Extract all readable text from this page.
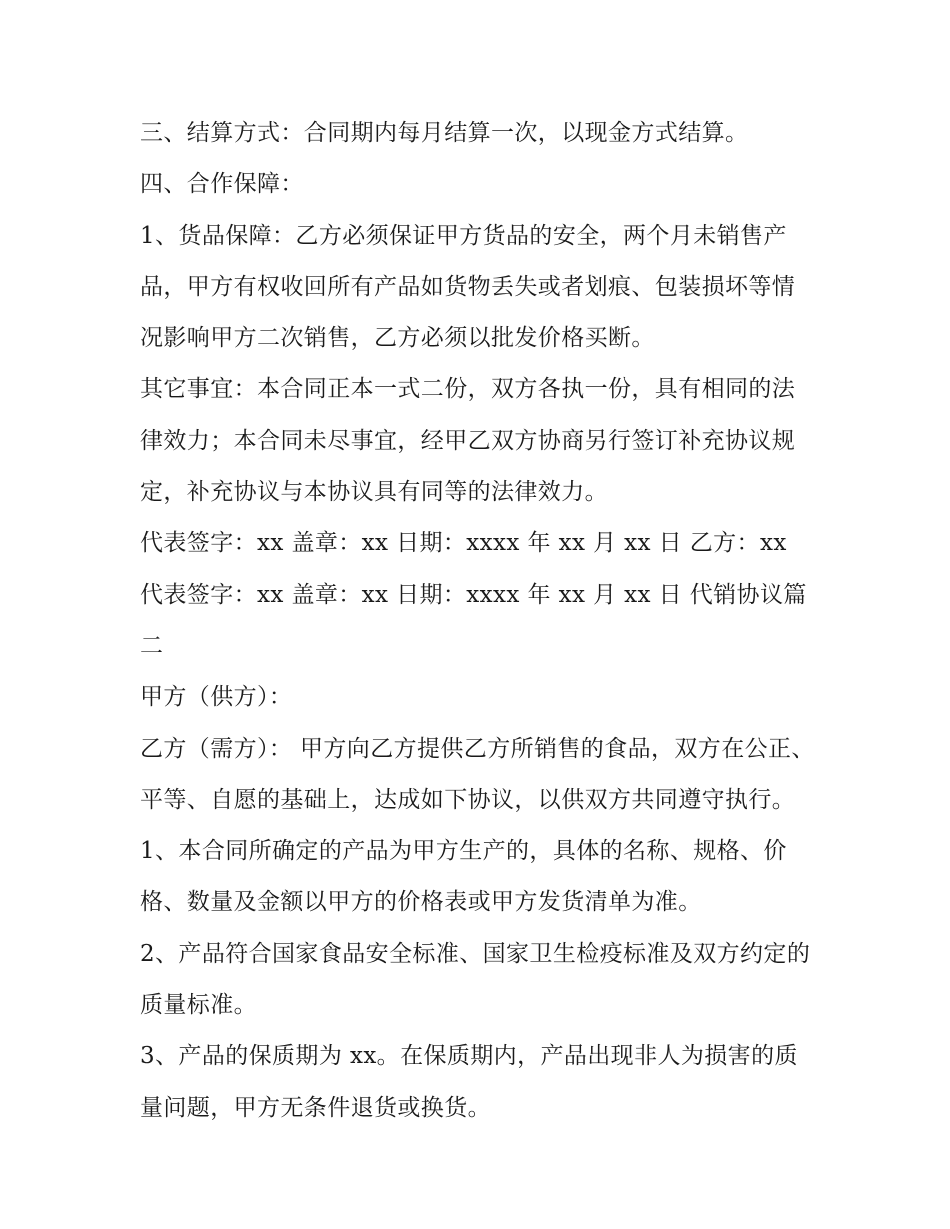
三、结算方式：合同期内每月结算一次，以现金方式结算。

四、合作保障：

1、货品保障：乙方必须保证甲方货品的安全，两个月未销售产品，甲方有权收回所有产品如货物丢失或者划痕、包装损坏等情况影响甲方二次销售，乙方必须以批发价格买断。

其它事宜：本合同正本一式二份，双方各执一份，具有相同的法律效力；本合同未尽事宜，经甲乙双方协商另行签订补充协议规定，补充协议与本协议具有同等的法律效力。

代表签字：xx 盖章：xx 日期：xxxx 年 xx 月 xx 日 乙方：xx 代表签字：xx 盖章：xx 日期：xxxx 年 xx 月 xx 日 代销协议篇二

甲方（供方）：

乙方（需方）： 甲方向乙方提供乙方所销售的食品，双方在公正、平等、自愿的基础上，达成如下协议，以供双方共同遵守执行。

1、本合同所确定的产品为甲方生产的，具体的名称、规格、价格、数量及金额以甲方的价格表或甲方发货清单为准。

2、产品符合国家食品安全标准、国家卫生检疫标准及双方约定的质量标准。

3、产品的保质期为 xx。在保质期内，产品出现非人为损害的质量问题，甲方无条件退货或换货。
